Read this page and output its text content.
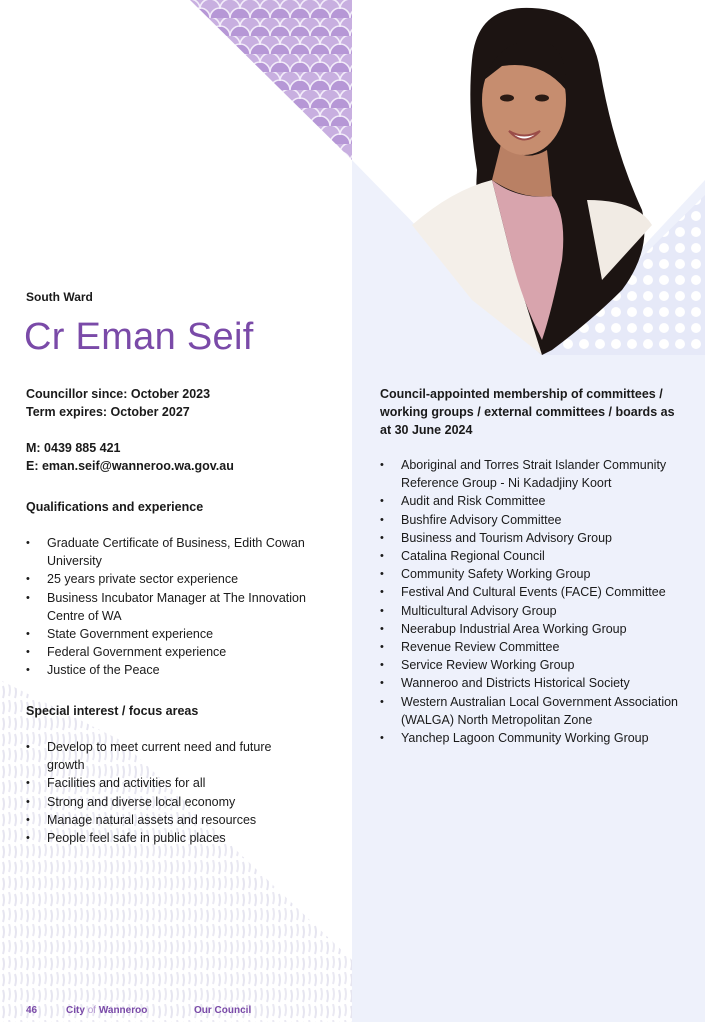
South Ward
Cr Eman Seif
Councillor since: October 2023
Term expires: October 2027
M: 0439 885 421
E: eman.seif@wanneroo.wa.gov.au
Qualifications and experience
• Graduate Certificate of Business, Edith Cowan University
• 25 years private sector experience
• Business Incubator Manager at The Innovation Centre of WA
• State Government experience
• Federal Government experience
• Justice of the Peace
Special interest / focus areas
• Develop to meet current need and future growth
• Facilities and activities for all
• Strong and diverse local economy
• Manage natural assets and resources
• People feel safe in public places
Council-appointed membership of committees / working groups / external committees / boards as at 30 June 2024
• Aboriginal and Torres Strait Islander Community Reference Group - Ni Kadadjiny Koort
• Audit and Risk Committee
• Bushfire Advisory Committee
• Business and Tourism Advisory Group
• Catalina Regional Council
• Community Safety Working Group
• Festival And Cultural Events (FACE) Committee
• Multicultural Advisory Group
• Neerabup Industrial Area Working Group
• Revenue Review Committee
• Service Review Working Group
• Wanneroo and Districts Historical Society
• Western Australian Local Government Association (WALGA) North Metropolitan Zone
• Yanchep Lagoon Community Working Group
46	City of Wanneroo	Our Council
